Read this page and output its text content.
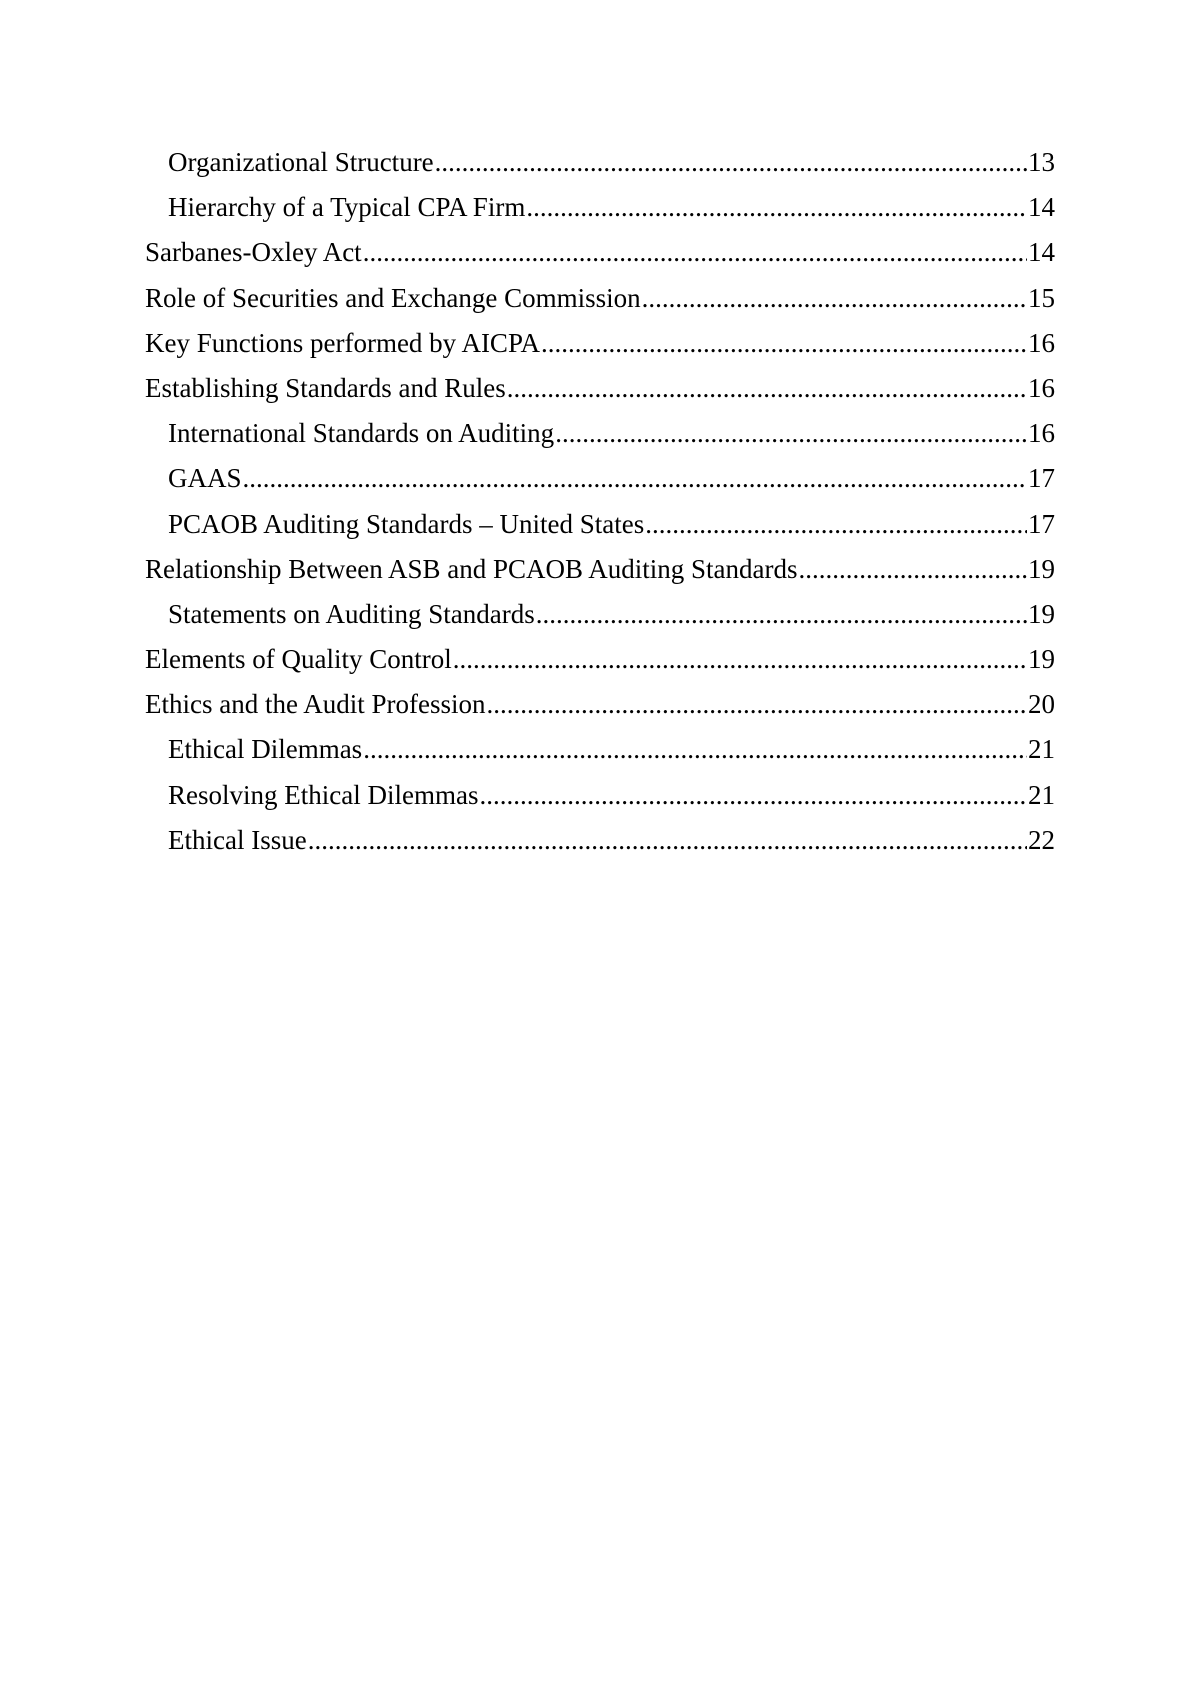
Organizational Structure .....	13
Hierarchy of a Typical CPA Firm .....	14
Sarbanes-Oxley Act .....	14
Role of Securities and Exchange Commission .....	15
Key Functions performed by AICPA .....	16
Establishing Standards and Rules .....	16
International Standards on Auditing .....	16
GAAS .....	17
PCAOB Auditing Standards – United States .....	17
Relationship Between ASB and PCAOB Auditing Standards .....	19
Statements on Auditing Standards .....	19
Elements of Quality Control .....	19
Ethics and the Audit Profession .....	20
Ethical Dilemmas .....	21
Resolving Ethical Dilemmas .....	21
Ethical Issue .....	22
